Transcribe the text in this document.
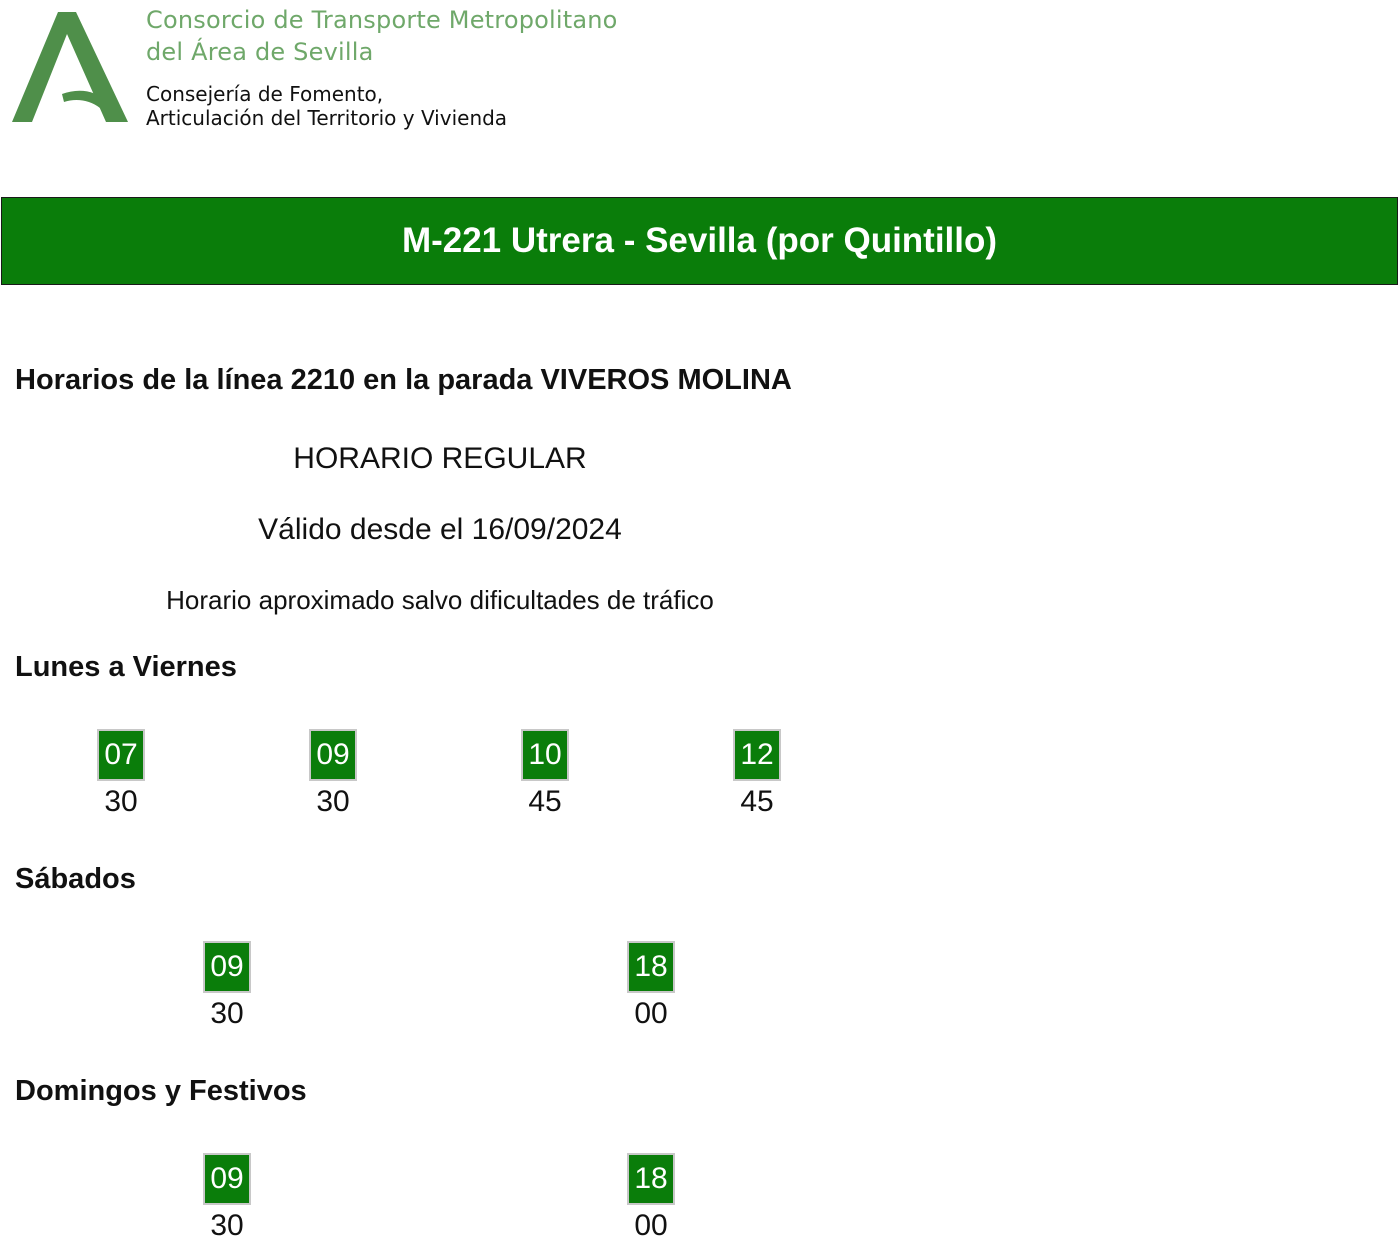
Consorcio de Transporte Metropolitano
del Área de Sevilla
Consejería de Fomento,
Articulación del Territorio y Vivienda
M-221 Utrera - Sevilla (por Quintillo)
Horarios de la línea 2210 en la parada VIVEROS MOLINA
HORARIO REGULAR
Válido desde el 16/09/2024
Horario aproximado salvo dificultades de tráfico
Lunes a Viernes
07
30
09
30
10
45
12
45
Sábados
09
30
18
00
Domingos y Festivos
09
30
18
00
